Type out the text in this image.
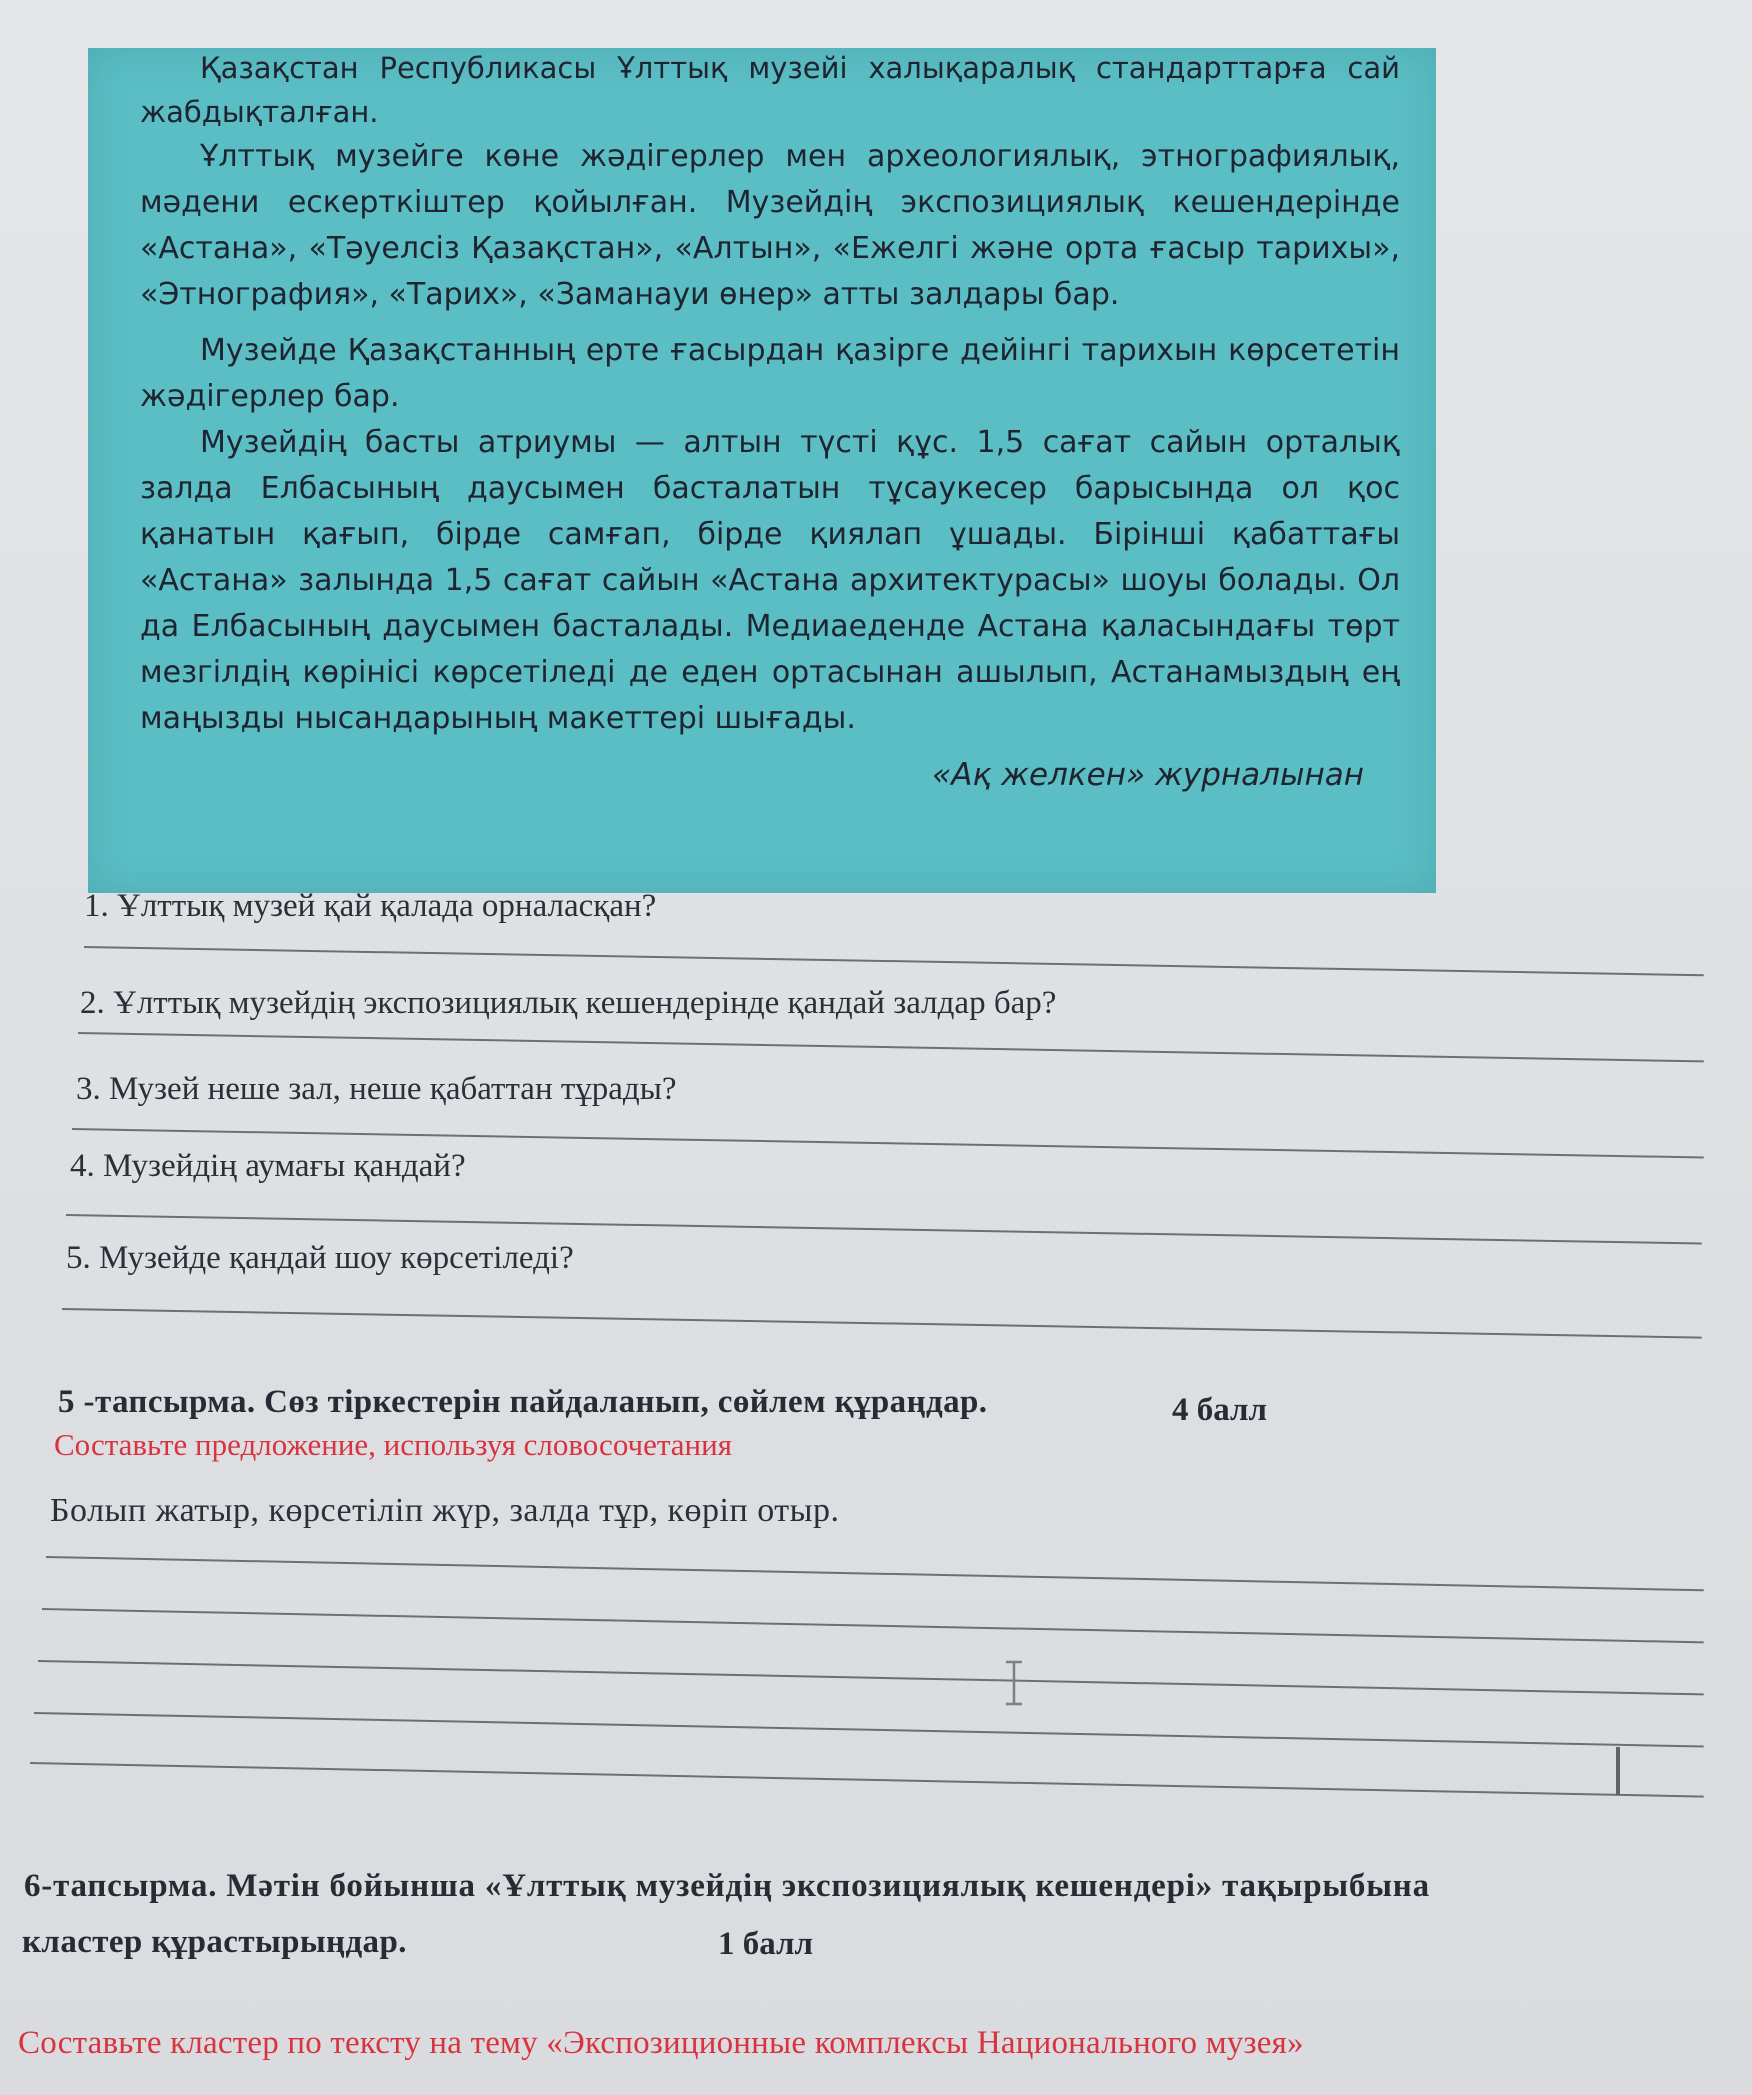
Қазақстан Республикасы Ұлттық музейі халықаралық стандарттарға сай жабдықталған.

Ұлттық музейге көне жәдігерлер мен археологиялық, этнографиялық, мәдени ескерткіштер қойылған. Музейдің экспозициялық кешендерінде «Астана», «Тәуелсіз Қазақстан», «Алтын», «Ежелгі және орта ғасыр тарихы», «Этнография», «Тарих», «Заманауи өнер» атты залдары бар.

Музейде Қазақстанның ерте ғасырдан қазірге дейінгі тарихын көрсететін жәдігерлер бар.

Музейдің басты атриумы — алтын түсті құс. 1,5 сағат сайын орталық залда Елбасының даусымен басталатын тұсаукесер барысында ол қос қанатын қағып, бірде самғап, бірде қиялап ұшады. Бірінші қабаттағы «Астана» залында 1,5 сағат сайын «Астана архитектурасы» шоуы болады. Ол да Елбасының даусымен басталады. Медиаеденде Астана қаласындағы төрт мезгілдің көрінісі көрсетіледі де еден ортасынан ашылып, Астанамыздың ең маңызды нысандарының макеттері шығады.

«Ақ желкен» журналынан

1. Ұлттық музей қай қалада орналасқан?
2. Ұлттық музейдің экспозициялық кешендерінде қандай залдар бар?
3. Музей неше зал, неше қабаттан тұрады?
4. Музейдің аумағы қандай?
5. Музейде қандай шоу көрсетіледі?
5 -тапсырма. Сөз тіркестерін пайдаланып, сөйлем құраңдар.	4 балл
Составьте предложение, используя словосочетания
Болып жатыр, көрсетіліп жүр, залда тұр, көріп отыр.
6-тапсырма. Мәтін бойынша «Ұлттық музейдің экспозициялық кешендері» тақырыбына
кластер құрастырыңдар.	1 балл
Составьте кластер по тексту на тему «Экспозиционные комплексы Национального музея»
